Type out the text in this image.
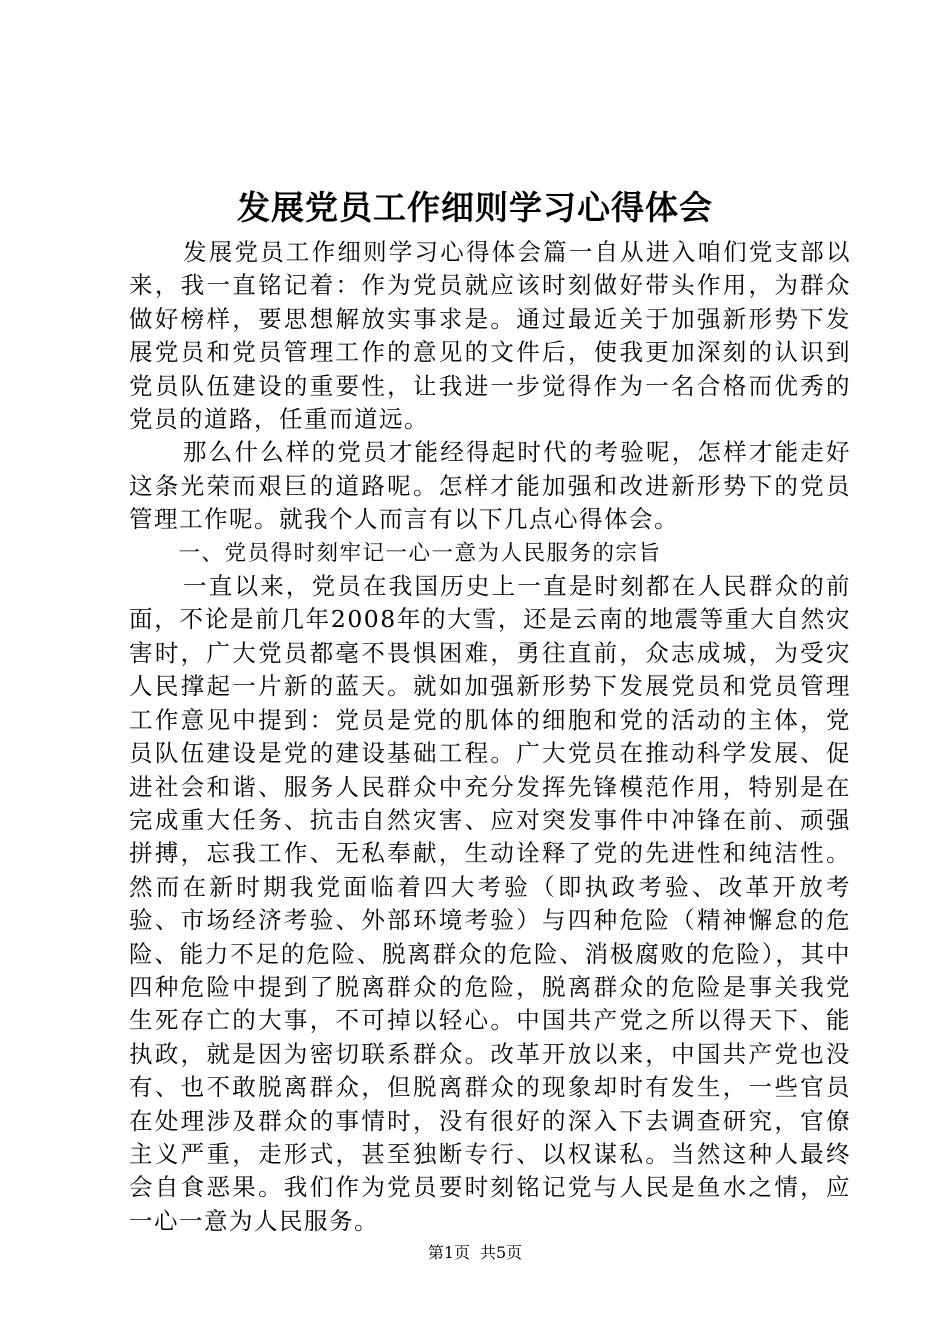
发展党员工作细则学习心得体会

发展党员工作细则学习心得体会篇一自从进入咱们党支部以来，我一直铭记着：作为党员就应该时刻做好带头作用，为群众做好榜样，要思想解放实事求是。通过最近关于加强新形势下发展党员和党员管理工作的意见的文件后，使我更加深刻的认识到党员队伍建设的重要性，让我进一步觉得作为一名合格而优秀的党员的道路，任重而道远。

那么什么样的党员才能经得起时代的考验呢，怎样才能走好这条光荣而艰巨的道路呢。怎样才能加强和改进新形势下的党员管理工作呢。就我个人而言有以下几点心得体会。

一、党员得时刻牢记一心一意为人民服务的宗旨

一直以来，党员在我国历史上一直是时刻都在人民群众的前面，不论是前几年2008年的大雪，还是云南的地震等重大自然灾害时，广大党员都毫不畏惧困难，勇往直前，众志成城，为受灾人民撑起一片新的蓝天。就如加强新形势下发展党员和党员管理工作意见中提到：党员是党的肌体的细胞和党的活动的主体，党员队伍建设是党的建设基础工程。广大党员在推动科学发展、促进社会和谐、服务人民群众中充分发挥先锋模范作用，特别是在完成重大任务、抗击自然灾害、应对突发事件中冲锋在前、顽强拼搏，忘我工作、无私奉献，生动诠释了党的先进性和纯洁性。然而在新时期我党面临着四大考验（即执政考验、改革开放考验、市场经济考验、外部环境考验）与四种危险（精神懈怠的危险、能力不足的危险、脱离群众的危险、消极腐败的危险），其中四种危险中提到了脱离群众的危险，脱离群众的危险是事关我党生死存亡的大事，不可掉以轻心。中国共产党之所以得天下、能执政，就是因为密切联系群众。改革开放以来，中国共产党也没有、也不敢脱离群众，但脱离群众的现象却时有发生，一些官员在处理涉及群众的事情时，没有很好的深入下去调查研究，官僚主义严重，走形式，甚至独断专行、以权谋私。当然这种人最终会自食恶果。我们作为党员要时刻铭记党与人民是鱼水之情，应一心一意为人民服务。

第1页 共5页
